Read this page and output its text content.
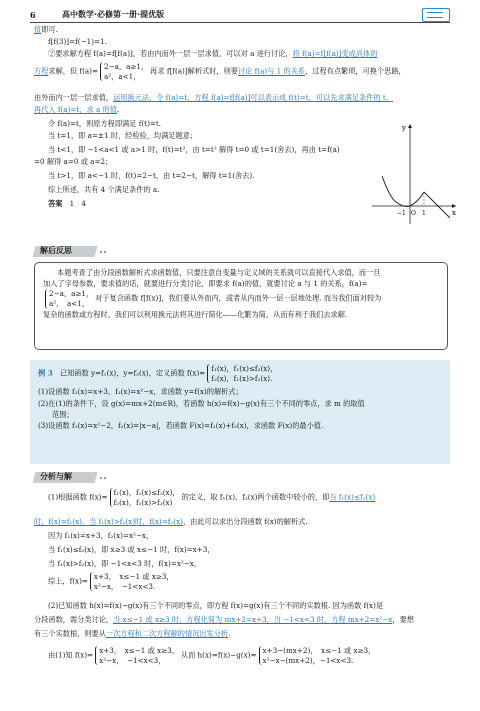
6	高中数学·必修第一册·提优版

值即可.

f[f(3)]=f(−1)=1.

②要求解方程 f(a)=f[f(a)]，若由内而外一层一层求值，可以对 a 进行讨论，将 f(a)=f[f(a)]变成具体的

方程求解，但 f(a)=2−a，a≥1，
a²，a<1，再求 f[f(a)]解析式时，则要讨论 f(a)与 1 的关系，过程有点繁琐，可换个思路，

由外而内一层一层求值，运用换元法，令 f(a)=t，方程 f(a)=f[f(a)]可以表示成 f(t)=t，可以先求满足条件的 t，

再代入 f(a)=t，求 a 的值.

令 f(a)=t，则原方程即满足 f(t)=t.

当 t=1，即 a=±1 时，经检验，均满足题意；

当 t<1，即 −1<a<1 或 a>1 时，f(t)=t²，由 t=t² 解得 t=0 或 t=1(舍去)，再由 t=f(a)

=0 解得 a=0 或 a=2；

当 t>1，即 a<−1 时，f(t)=2−t，由 t=2−t，解得 t=1(舍去).

综上所述，共有 4 个满足条件的 a.

答案　 1　4

y
x
O
−1	1
解后反思

本题考查了由分段函数解析式求函数值，只要注意自变量与定义域的关系就可以直接代入求值，而一旦

加入了字母参数，要求值的话，就要进行分类讨论，即要求 f(a)的值，就要讨论 a 与 1 的关系，f(a)=

2−a，a≥1，
a²，　a<1，对于复合函数 f[f(x)]，我们要从外而内，或者从内而外一层一层地处理. 而当我们面对较为

复杂的函数或方程时，我们可以利用换元法将其进行简化——化繁为简，从而有利于我们去求解.

例 3　 已知函数 y=f₁(x)，y=f₂(x)，定义函数 f(x)=f₁(x)，f₁(x)≤f₂(x)，
f₂(x)，f₁(x)>f₂(x).

(1)设函数 f₁(x)=x+3，f₂(x)=x²−x，求函数 y=f(x)的解析式；

(2)在(1)的条件下，设 g(x)=mx+2(m∈R)，若函数 h(x)=f(x)−g(x)有三个不同的零点，求 m 的取值

范围；

(3)设函数 f₁(x)=x²−2，f₂(x)=|x−a|，若函数 F(x)=f₁(x)+f₂(x)，求函数 F(x)的最小值.

分析与解

(1)根据函数 f(x)=f₁(x)，f₁(x)≤f₂(x)，
f₂(x)，f₁(x)>f₂(x)的定义，取 f₁(x)，f₂(x)两个函数中较小的，即当 f₁(x)≤f₂(x)

时，f(x)=f₁(x)，当 f₁(x)>f₂(x)时，f(x)=f₂(x)，由此可以求出分段函数 f(x)的解析式.

因为 f₁(x)=x+3，f₂(x)=x²−x，

当 f₁(x)≤f₂(x)，即 x≥3 或 x≤−1 时，f(x)=x+3，

当 f₁(x)>f₂(x)，即 −1<x<3 时，f(x)=x²−x，

综上，f(x)=x+3，　x≤−1 或 x≥3，
x²−x，　−1<x<3.

(2)已知函数 h(x)=f(x)−g(x)有三个不同的零点，即方程 f(x)=g(x)有三个不同的实数根. 因为函数 f(x)是

分段函数，需分类讨论，当 x≤−1 或 x≥3 时，方程化简为 mx+2=x+3，当 −1<x<3 时，方程 mx+2=x²−x，要想

有三个实数根，则要从一次方程和二次方程解的情况出发分析.

由(1)知 f(x)=x+3，　x≤−1 或 x≥3，
x²−x，　−1<x<3，从而 h(x)=f(x)−g(x)=x+3−(mx+2)，　x≤−1 或 x≥3，
x²−x−(mx+2)，−1<x<3.
